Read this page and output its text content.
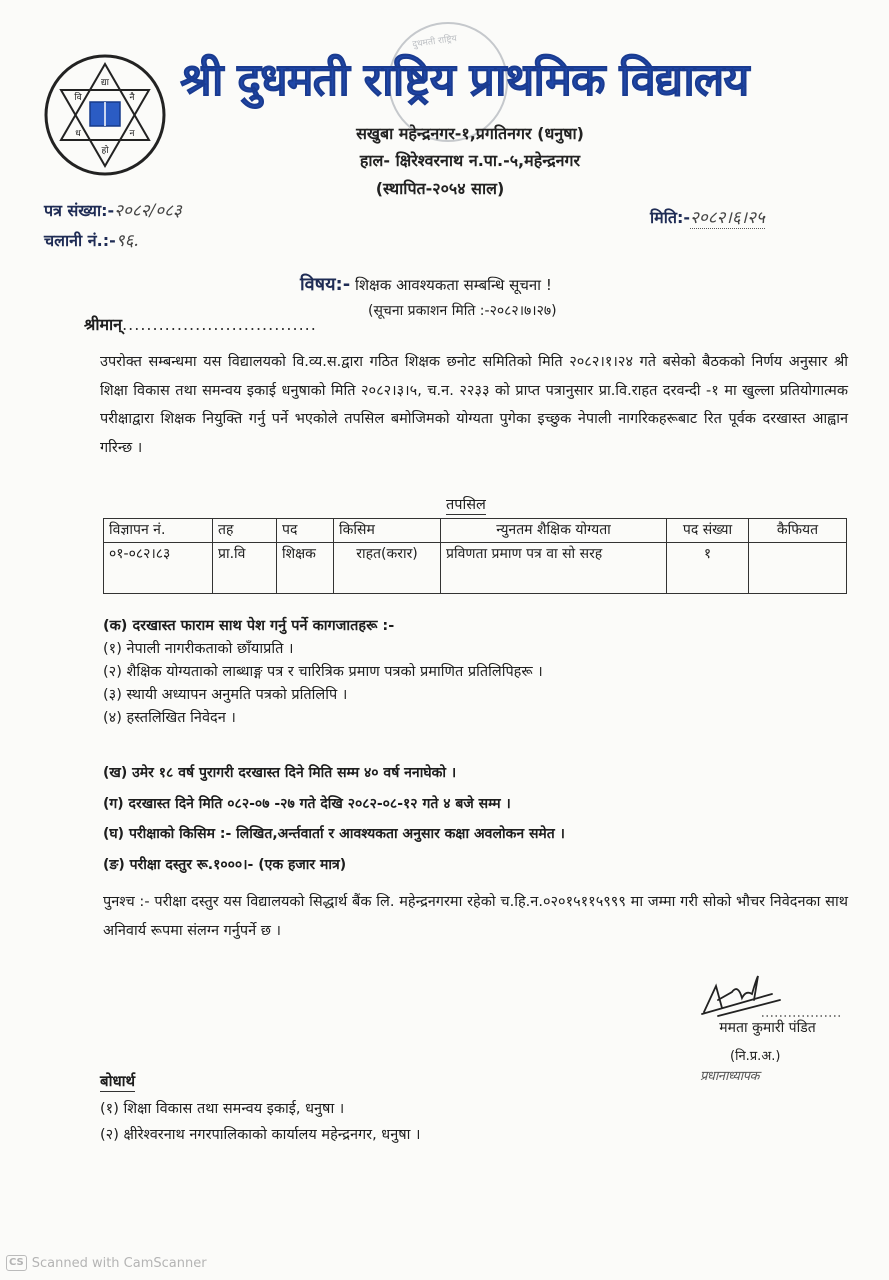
द्या
वि	नै
न
हो
ध
दुधमती राष्ट्रिय
श्री दुधमती राष्ट्रिय प्राथमिक विद्यालय
सखुबा महेन्द्रनगर-१,प्रगतिनगर (धनुषा)
हाल- क्षिरेश्वरनाथ न.पा.-५,महेन्द्रनगर
(स्थापित-२०५४ साल)
पत्र संख्या:-२०८२/०८३
चलानी नं.:-९६.
मिति:-२०८२।६।२५
विषय:- शिक्षक आवश्यकता सम्बन्धि सूचना !
श्रीमान्................................
(सूचना प्रकाशन मिति :-२०८२।७।२७)
उपरोक्त सम्बन्धमा यस विद्यालयको वि.व्य.स.द्वारा गठित शिक्षक छनोट समितिको मिति २०८२।१।२४ गते बसेको बैठकको निर्णय अनुसार श्री शिक्षा विकास तथा समन्वय इकाई धनुषाको मिति २०८२।३।५, च.न. २२३३ को प्राप्त पत्रानुसार प्रा.वि.राहत दरवन्दी -१ मा खुल्ला प्रतियोगात्मक परीक्षाद्वारा शिक्षक नियुक्ति गर्नु पर्ने भएकोले तपसिल बमोजिमको योग्यता पुगेका इच्छुक नेपाली नागरिकहरूबाट रित पूर्वक दरखास्त आह्वान गरिन्छ ।
तपसिल
विज्ञापन नं.	तह	पद	किसिम	न्युनतम शैक्षिक योग्यता	पद संख्या	कैफियत
०१-०८२।८३	प्रा.वि	शिक्षक	राहत(करार)	प्रविणता प्रमाण पत्र वा सो सरह	१	
(क) दरखास्त फाराम साथ पेश गर्नु पर्ने कागजातहरू :-
(१) नेपाली नागरीकताको छाँयाप्रति ।
(२) शैक्षिक योग्यताको लाब्धाङ्ग पत्र र चारित्रिक प्रमाण पत्रको प्रमाणित प्रतिलिपिहरू ।
(३) स्थायी अध्यापन अनुमति पत्रको प्रतिलिपि ।
(४) हस्तलिखित निवेदन ।
(ख) उमेर १८ वर्ष पुरागरी दरखास्त दिने मिति सम्म ४० वर्ष ननाघेको ।
(ग) दरखास्त दिने मिति ०८२-०७ -२७ गते देखि २०८२-०८-१२ गते ४ बजे सम्म ।
(घ) परीक्षाको किसिम :- लिखित,अर्न्तवार्ता र आवश्यकता अनुसार कक्षा अवलोकन समेत ।
(ङ) परीक्षा दस्तुर रू.१०००।- (एक हजार मात्र)
पुनश्च :- परीक्षा दस्तुर यस विद्यालयको सिद्धार्थ बैंक लि. महेन्द्रनगरमा रहेको च.हि.न.०२०१५११५९९९ मा जम्मा गरी सोको भौचर निवेदनका साथ अनिवार्य रूपमा संलग्न गर्नुपर्ने छ ।
ममता कुमारी पंडित
(नि.प्र.अ.)
प्रधानाध्यापक
बोधार्थ
(१) शिक्षा विकास तथा समन्वय इकाई, धनुषा ।
(२) क्षीरेश्वरनाथ नगरपालिकाको कार्यालय महेन्द्रनगर, धनुषा ।
CS Scanned with CamScanner
